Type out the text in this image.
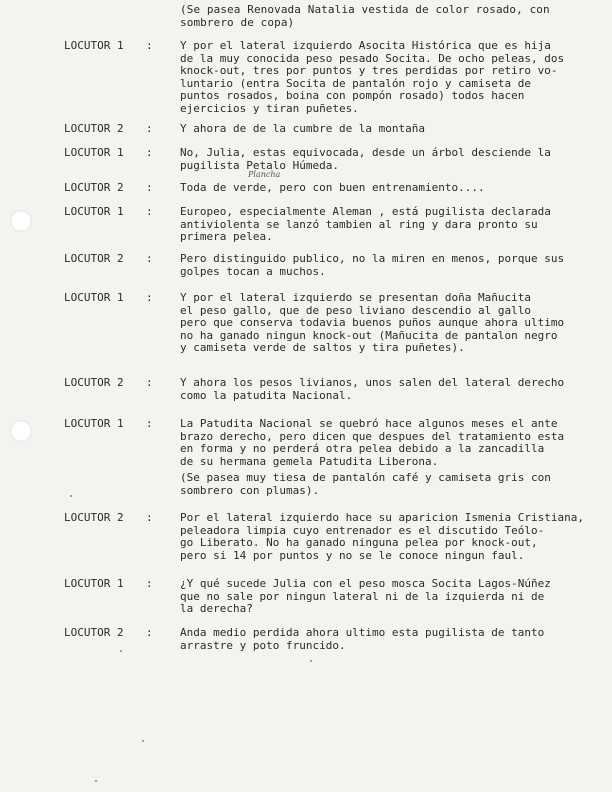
(Se pasea Renovada Natalia vestida de color rosado, con
sombrero de copa)
LOCUTOR 1 : Y por el lateral izquierdo Asocita Histórica que es hija
de la muy conocida peso pesado Socita. De ocho peleas, dos
knock-out, tres por puntos y tres perdidas por retiro vo-
luntario (entra Socita de pantalón rojo y camiseta de
puntos rosados, boina con pompón rosado) todos hacen
ejercicios y tiran puñetes.
LOCUTOR 2 : Y ahora de de la cumbre de la montaña
LOCUTOR 1 : No, Julia, estas equivocada, desde un árbol desciende la
pugilista Petalo Húmeda.
Plancha
LOCUTOR 2 : Toda de verde, pero con buen entrenamiento....
LOCUTOR 1 : Europeo, especialmente Aleman , está pugilista declarada
antiviolenta se lanzó tambien al ring y dara pronto su
primera pelea.
LOCUTOR 2 : Pero distinguido publico, no la miren en menos, porque sus
golpes tocan a muchos.
LOCUTOR 1 : Y por el lateral izquierdo se presentan doña Mañucita
el peso gallo, que de peso liviano descendio al gallo
pero que conserva todavia buenos puños aunque ahora ultimo
no ha ganado ningun knock-out (Mañucita de pantalon negro
y camiseta verde de saltos y tira puñetes).
LOCUTOR 2 : Y ahora los pesos livianos, unos salen del lateral derecho
como la patudita Nacional.
LOCUTOR 1 : La Patudita Nacional se quebró hace algunos meses el ante
brazo derecho, pero dicen que despues del tratamiento esta
en forma y no perderá otra pelea debido a la zancadilla
de su hermana gemela Patudita Liberona.
(Se pasea muy tiesa de pantalón café y camiseta gris con
sombrero con plumas).
LOCUTOR 2 : Por el lateral izquierdo hace su aparicion Ismenia Cristiana,
peleadora limpia cuyo entrenador es el discutido Teólo-
go Liberato. No ha ganado ninguna pelea por knock-out,
pero si 14 por puntos y no se le conoce ningun faul.
LOCUTOR 1 : ¿Y qué sucede Julia con el peso mosca Socita Lagos-Núñez
que no sale por ningun lateral ni de la izquierda ni de
la derecha?
LOCUTOR 2 : Anda medio perdida ahora ultimo esta pugilista de tanto
arrastre y poto fruncido.
